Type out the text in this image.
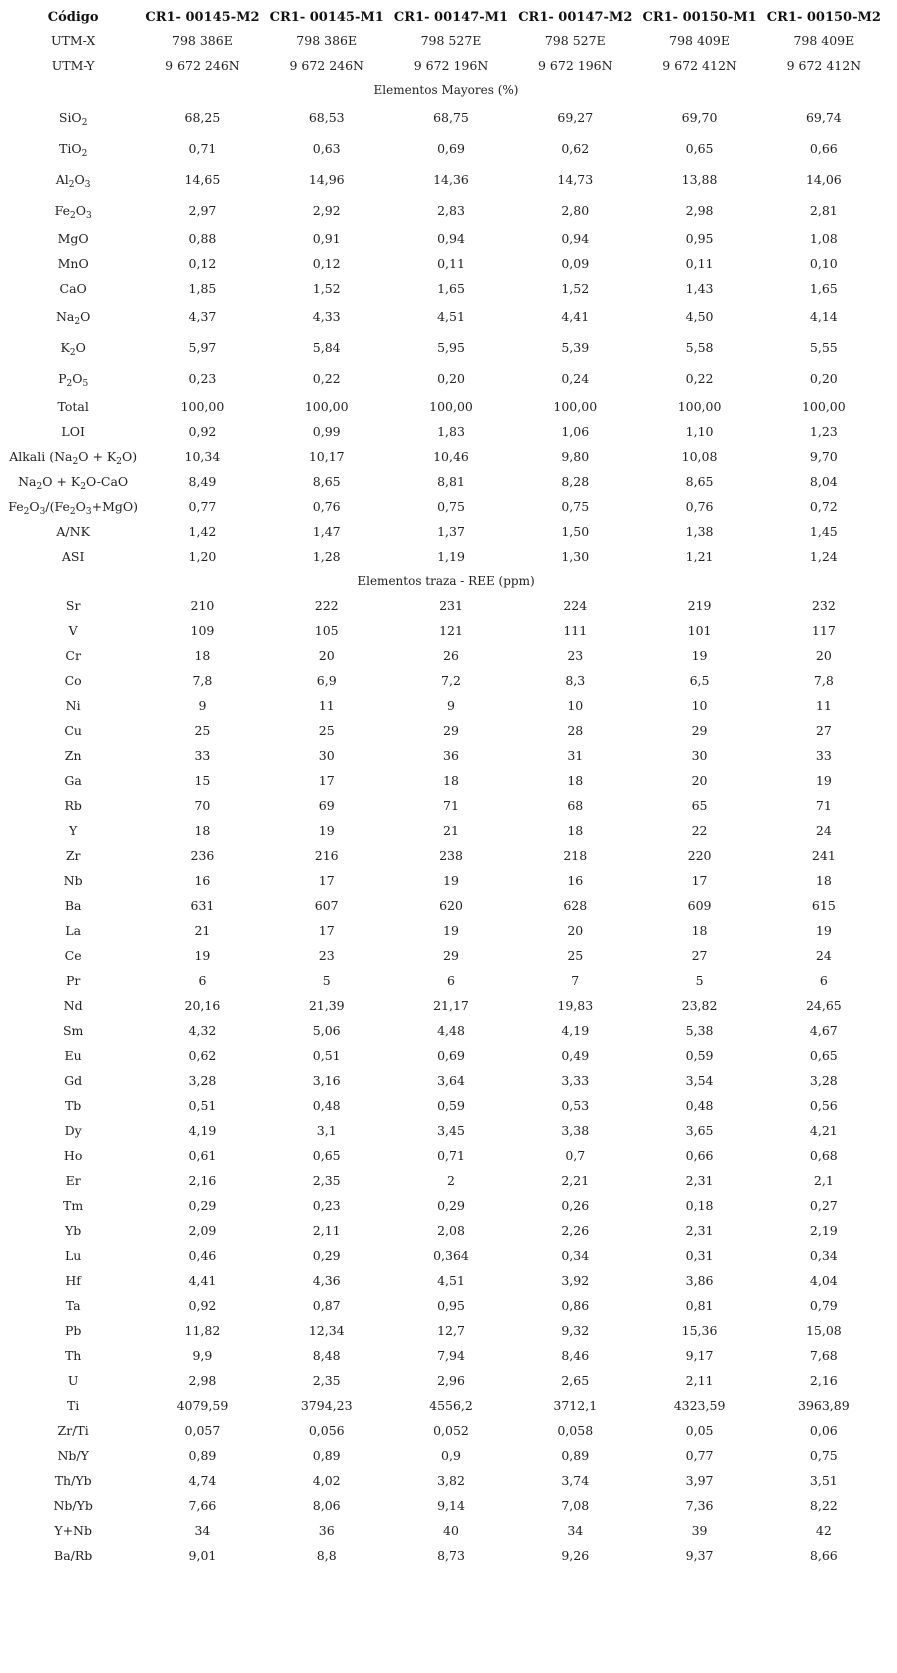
Código	CR1- 00145-M2	CR1- 00145-M1	CR1- 00147-M1	CR1- 00147-M2	CR1- 00150-M1	CR1- 00150-M2
UTM-X	798 386E	798 386E	798 527E	798 527E	798 409E	798 409E
UTM-Y	9 672 246N	9 672 246N	9 672 196N	9 672 196N	9 672 412N	9 672 412N
Elementos Mayores (%)						
SiO$_2$	68,25	68,53	68,75	69,27	69,70	69,74
TiO$_2$	0,71	0,63	0,69	0,62	0,65	0,66
$Al_2O_3$	14,65	14,96	14,36	14,73	13,88	14,06
$Fe_2O_3$	2,97	2,92	2,83	2,80	2,98	2,81
MgO	0,88	0,91	0,94	0,94	0,95	1,08
MnO	0,12	0,12	0,11	0,09	0,11	0,10
CaO	1,85	1,52	1,65	1,52	1,43	1,65
$Na_2O$	4,37	4,33	4,51	4,41	4,50	4,14
$K_2O$	5,97	5,84	5,95	5,39	5,58	5,55
$P_2O_5$	0,23	0,22	0,20	0,24	0,22	0,20
Total	100,00	100,00	100,00	100,00	100,00	100,00
LOI	0,92	0,99	1,83	1,06	1,10	1,23
Alkali $(Na_2O + K_2O)$	10,34	10,17	10,46	9,80	10,08	9,70
$Na_2O + K_2O-CaO$	8,49	8,65	8,81	8,28	8,65	8,04
$Fe_2O_3/(Fe_2O_3+MgO)$	0,77	0,76	0,75	0,75	0,76	0,72
A/NK	1,42	1,47	1,37	1,50	1,38	1,45
ASI	1,20	1,28	1,19	1,30	1,21	1,24
Elementos traza - REE (ppm)						
Sr	210	222	231	224	219	232
V	109	105	121	111	101	117
Cr	18	20	26	23	19	20
Co	7,8	6,9	7,2	8,3	6,5	7,8
Ni	9	11	9	10	10	11
Cu	25	25	29	28	29	27
Zn	33	30	36	31	30	33
Ga	15	17	18	18	20	19
Rb	70	69	71	68	65	71
Y	18	19	21	18	22	24
Zr	236	216	238	218	220	241
Nb	16	17	19	16	17	18
Ba	631	607	620	628	609	615
La	21	17	19	20	18	19
Ce	19	23	29	25	27	24
Pr	6	5	6	7	5	6
Nd	20,16	21,39	21,17	19,83	23,82	24,65
Sm	4,32	5,06	4,48	4,19	5,38	4,67
Eu	0,62	0,51	0,69	0,49	0,59	0,65
Gd	3,28	3,16	3,64	3,33	3,54	3,28
Tb	0,51	0,48	0,59	0,53	0,48	0,56
Dy	4,19	3,1	3,45	3,38	3,65	4,21
Ho	0,61	0,65	0,71	0,7	0,66	0,68
Er	2,16	2,35	2	2,21	2,31	2,1
Tm	0,29	0,23	0,29	0,26	0,18	0,27
Yb	2,09	2,11	2,08	2,26	2,31	2,19
Lu	0,46	0,29	0,364	0,34	0,31	0,34
Hf	4,41	4,36	4,51	3,92	3,86	4,04
Ta	0,92	0,87	0,95	0,86	0,81	0,79
Pb	11,82	12,34	12,7	9,32	15,36	15,08
Th	9,9	8,48	7,94	8,46	9,17	7,68
U	2,98	2,35	2,96	2,65	2,11	2,16
Ti	4079,59	3794,23	4556,2	3712,1	4323,59	3963,89
Zr/Ti	0,057	0,056	0,052	0,058	0,05	0,06
Nb/Y	0,89	0,89	0,9	0,89	0,77	0,75
Th/Yb	4,74	4,02	3,82	3,74	3,97	3,51
Nb/Yb	7,66	8,06	9,14	7,08	7,36	8,22
Y+Nb	34	36	40	34	39	42
Ba/Rb	9,01	8,8	8,73	9,26	9,37	8,66
